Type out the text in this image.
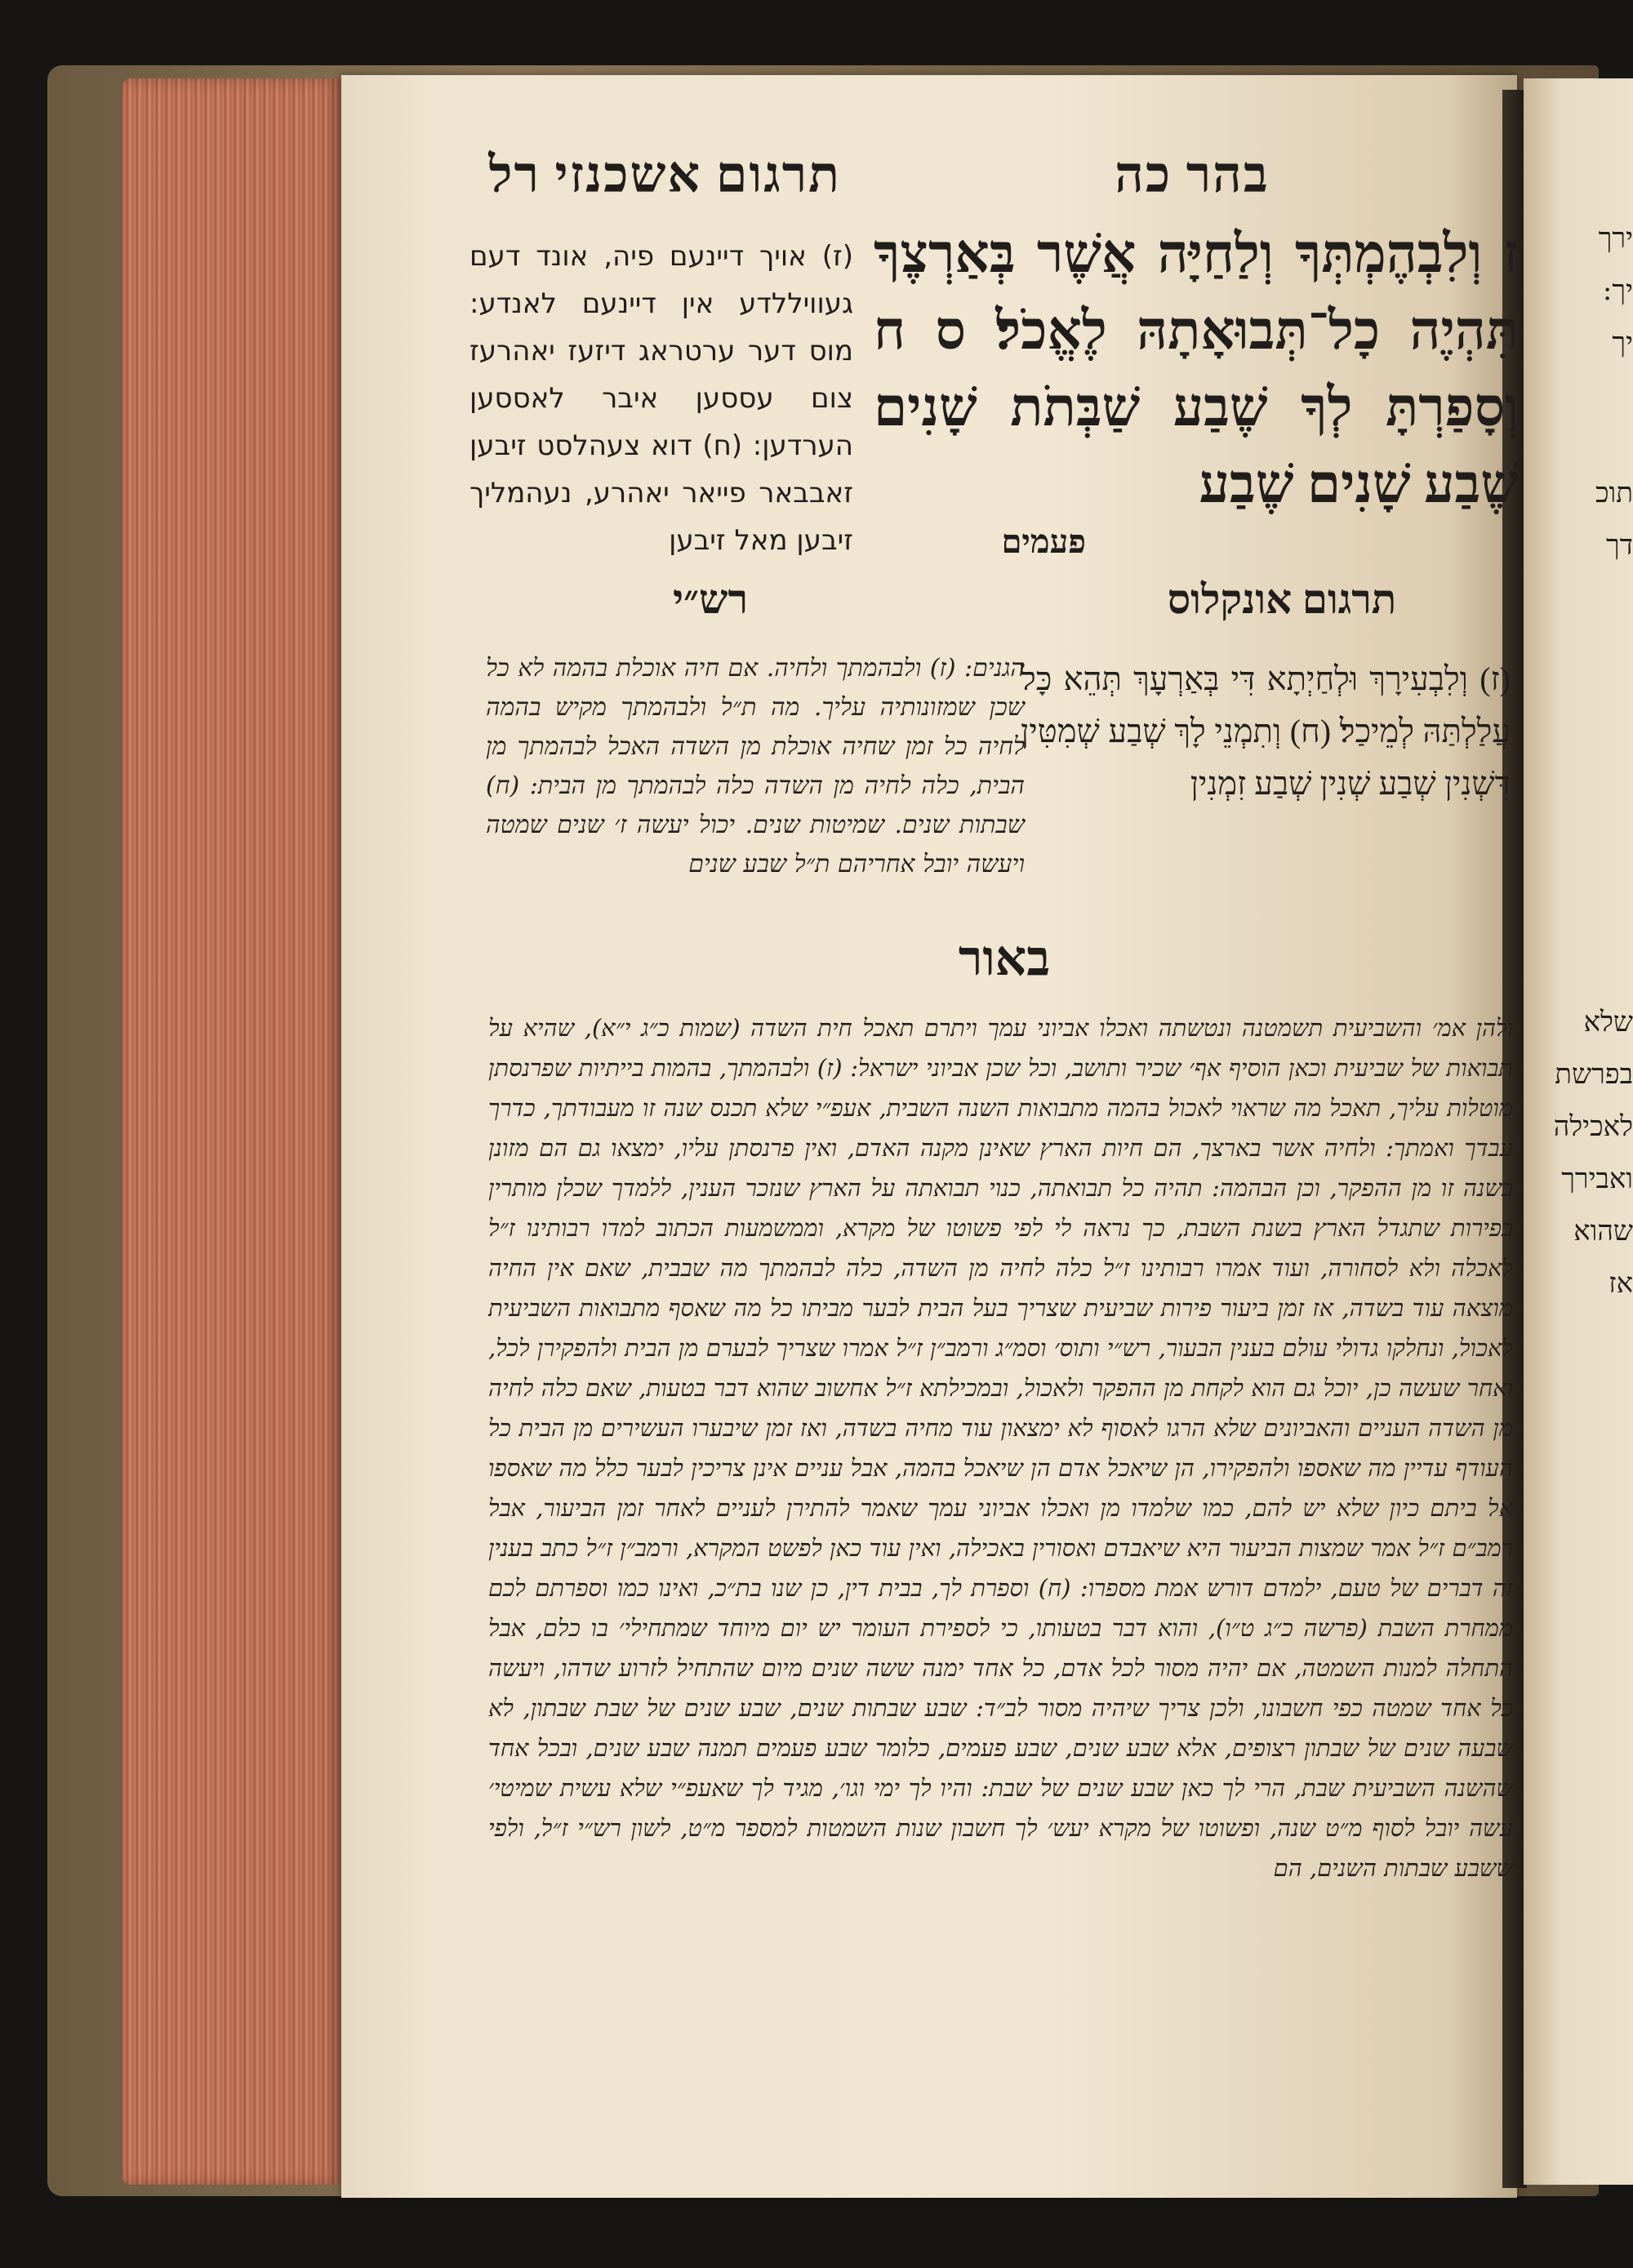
ירך
יך:
יך
תוכ
דך
שלא
בפרשת
לאכילה
ואבירך
שהוא
אז
תרגום אשכנזי רל	בהר כה
(ז) אויך דיינעם פיה, אונד דעם געוויללדע אין דיינעם לאנדע: מוס דער ערטראג דיזעז יאהרעז צום עססען איבר לאססען הערדען: (ח) דוא צעהלסט זיבען זאבבאר פייאר יאהרע, נעהמליך זיבען מאל זיבען
ז וְלִבְהֶמְתְּךָ וְלַחַיָּה אֲשֶׁר בְּאַרְצֶךָ תִּהְיֶה כָל־תְּבוּאָתָהּ לֶאֱכֹל׃ ס ח וְסָפַרְתָּ לְךָ שֶׁבַע שַׁבְּתֹת שָׁנִים שֶׁבַע שָׁנִים שֶׁבַע
פעמים
רש״י	תרגום אונקלוס
הגנים: (ז) ולבהמתך ולחיה. אם חיה אוכלת בהמה לא כל שכן שמזונותיה עליך. מה ת״ל ולבהמתך מקיש בהמה לחיה כל זמן שחיה אוכלת מן השדה האכל לבהמתך מן הבית, כלה לחיה מן השדה כלה לבהמתך מן הבית: (ח) שבתות שנים. שמיטות שנים. יכול יעשה ז׳ שנים שמטה ויעשה יובל אחריהם ת״ל שבע שנים
(ז) וְלִבְעִירָךְ וּלְחַיְתָא דִּי בְּאַרְעָךְ תְּהֵא כָּל עֲלַלְתַּהּ לְמֵיכַל׃ (ח) וְתִמְנֵי לָךְ שְׁבַע שְׁמִטִּין דִּשְׁנִין שְׁבַע שְׁנִין שְׁבַע זִמְנִין
באור
ולהן אמ׳ והשביעית תשמטנה ונטשתה ואכלו אביוני עמך ויתרם תאכל חית השדה (שמות כ״ג י״א), שהיא על תבואות של שביעית וכאן הוסיף אף׳ שכיר ותושב, וכל שכן אביוני ישראל: (ז) ולבהמתך, בהמות בייתיות שפרנסתן מוטלות עליך, תאכל מה שראוי לאכול בהמה מתבואות השנה השבית, אעפ״י שלא תכנס שנה זו מעבודתך, כדרך עבדך ואמתך: ולחיה אשר בארצך, הם חיות הארץ שאינן מקנה האדם, ואין פרנסתן עליו, ימצאו גם הם מזונן בשנה זו מן ההפקר, וכן הבהמה: תהיה כל תבואתה, כנוי תבואתה על הארץ שנזכר הענין, ללמדך שכלן מותרין בפירות שתגדל הארץ בשנת השבת, כך נראה לי לפי פשוטו של מקרא, וממשמעות הכתוב למדו רבותינו ז״ל לאכלה ולא לסחורה, ועוד אמרו רבותינו ז״ל כלה לחיה מן השדה, כלה לבהמתך מה שבבית, שאם אין החיה מוצאה עוד בשדה, אז זמן ביעור פירות שביעית שצריך בעל הבית לבער מביתו כל מה שאסף מתבואות השביעית לאכול, ונחלקו גדולי עולם בענין הבעור, רש״י ותוס׳ וסמ״ג ורמב״ן ז״ל אמרו שצריך לבערם מן הבית ולהפקירן לכל, ואחר שעשה כן, יוכל גם הוא לקחת מן ההפקר ולאכול, ובמכילתא ז״ל אחשוב שהוא דבר בטעות, שאם כלה לחיה מן השדה העניים והאביונים שלא הרגו לאסוף לא ימצאון עוד מחיה בשדה, ואז זמן שיבערו העשירים מן הבית כל העודף עדיין מה שאספו ולהפקירו, הן שיאכל אדם הן שיאכל בהמה, אבל עניים אינן צריכין לבער כלל מה שאספו אל ביתם כיון שלא יש להם, כמו שלמדו מן ואכלו אביוני עמך שאמר להתירן לעניים לאחר זמן הביעור, אבל רמב״ם ז״ל אמר שמצות הביעור היא שיאבדם ואסורין באכילה, ואין עוד כאן לפשט המקרא, ורמב״ן ז״ל כתב בענין זה דברים של טעם, ילמדם דורש אמת מספרו: (ח) וספרת לך, בבית דין, כן שנו בת״כ, ואינו כמו וספרתם לכם ממחרת השבת (פרשה כ״ג ט״ו), והוא דבר בטעותו, כי לספירת העומר יש יום מיוחד שמתחילי׳ בו כלם, אבל התחלה למנות השמטה, אם יהיה מסור לכל אדם, כל אחד ימנה ששה שנים מיום שהתחיל לזרוע שדהו, ויעשה כל אחד שמטה כפי חשבונו, ולכן צריך שיהיה מסור לב״ד: שבע שבתות שנים, שבע שנים של שבת שבתון, לא שבעה שנים של שבתון רצופים, אלא שבע שנים, שבע פעמים, כלומר שבע פעמים תמנה שבע שנים, ובכל אחד שהשנה השביעית שבת, הרי לך כאן שבע שנים של שבת: והיו לך ימי וגו׳, מגיד לך שאעפ״י שלא עשית שמיטי׳ עשה יובל לסוף מ״ט שנה, ופשוטו של מקרא יעש׳ לך חשבון שנות השמטות למספר מ״ט, לשון רש״י ז״ל, ולפי ששבע שבתות השנים, הם
